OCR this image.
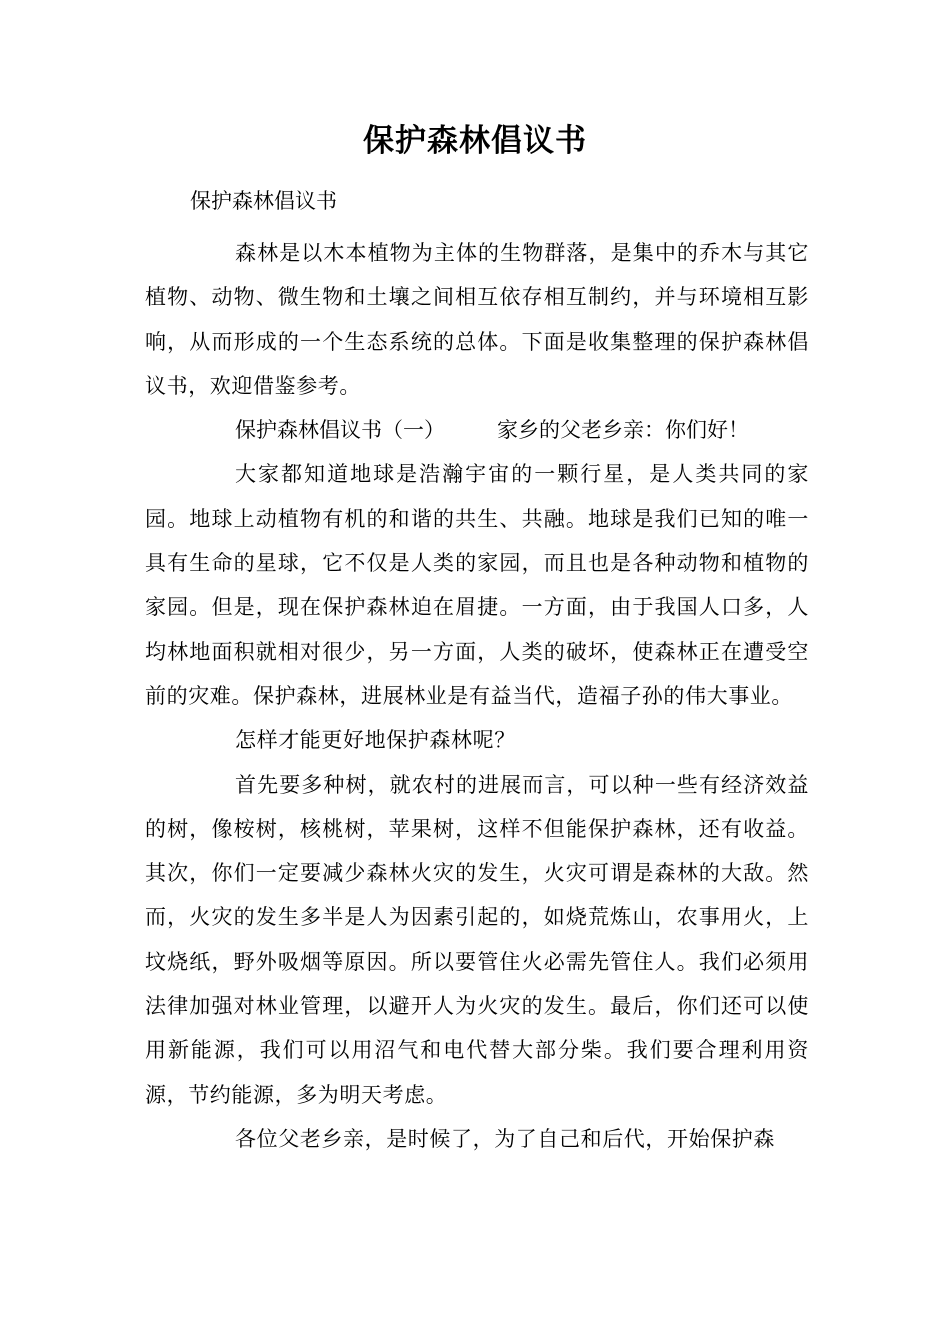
保护森林倡议书
保护森林倡议书

森林是以木本植物为主体的生物群落，是集中的乔木与其它植物、动物、微生物和土壤之间相互依存相互制约，并与环境相互影响，从而形成的一个生态系统的总体。下面是收集整理的保护森林倡议书，欢迎借鉴参考。

保护森林倡议书（一） 家乡的父老乡亲：你们好！

大家都知道地球是浩瀚宇宙的一颗行星，是人类共同的家园。地球上动植物有机的和谐的共生、共融。地球是我们已知的唯一具有生命的星球，它不仅是人类的家园，而且也是各种动物和植物的家园。但是，现在保护森林迫在眉捷。一方面，由于我国人口多，人均林地面积就相对很少，另一方面，人类的破坏，使森林正在遭受空前的灾难。保护森林，进展林业是有益当代，造福子孙的伟大事业。

怎样才能更好地保护森林呢？

首先要多种树，就农村的进展而言，可以种一些有经济效益的树，像桉树，核桃树，苹果树，这样不但能保护森林，还有收益。其次，你们一定要减少森林火灾的发生，火灾可谓是森林的大敌。然而，火灾的发生多半是人为因素引起的，如烧荒炼山，农事用火，上坟烧纸，野外吸烟等原因。所以要管住火必需先管住人。我们必须用法律加强对林业管理，以避开人为火灾的发生。最后，你们还可以使用新能源，我们可以用沼气和电代替大部分柴。我们要合理利用资源，节约能源，多为明天考虑。

各位父老乡亲，是时候了，为了自己和后代，开始保护森
